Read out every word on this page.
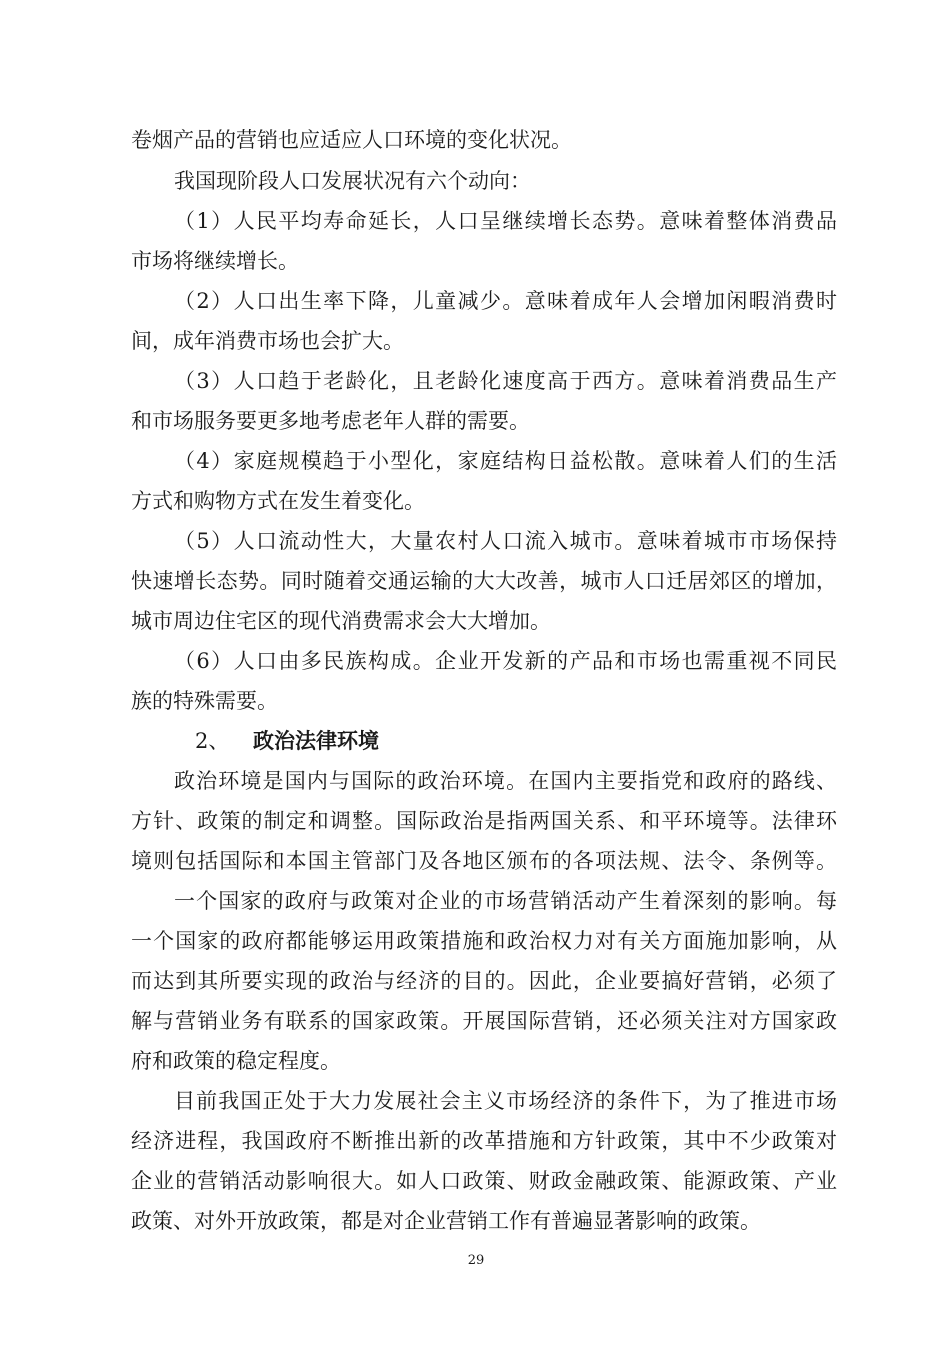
卷烟产品的营销也应适应人口环境的变化状况。
我国现阶段人口发展状况有六个动向：
（1）人民平均寿命延长，人口呈继续增长态势。意味着整体消费品
市场将继续增长。
（2）人口出生率下降，儿童减少。意味着成年人会增加闲暇消费时
间，成年消费市场也会扩大。
（3）人口趋于老龄化，且老龄化速度高于西方。意味着消费品生产
和市场服务要更多地考虑老年人群的需要。
（4）家庭规模趋于小型化，家庭结构日益松散。意味着人们的生活
方式和购物方式在发生着变化。
（5）人口流动性大，大量农村人口流入城市。意味着城市市场保持
快速增长态势。同时随着交通运输的大大改善，城市人口迁居郊区的增加，
城市周边住宅区的现代消费需求会大大增加。
（6）人口由多民族构成。企业开发新的产品和市场也需重视不同民
族的特殊需要。
2、 政治法律环境
政治环境是国内与国际的政治环境。在国内主要指党和政府的路线、
方针、政策的制定和调整。国际政治是指两国关系、和平环境等。法律环
境则包括国际和本国主管部门及各地区颁布的各项法规、法令、条例等。
一个国家的政府与政策对企业的市场营销活动产生着深刻的影响。每
一个国家的政府都能够运用政策措施和政治权力对有关方面施加影响，从
而达到其所要实现的政治与经济的目的。因此，企业要搞好营销，必须了
解与营销业务有联系的国家政策。开展国际营销，还必须关注对方国家政
府和政策的稳定程度。
目前我国正处于大力发展社会主义市场经济的条件下，为了推进市场
经济进程，我国政府不断推出新的改革措施和方针政策，其中不少政策对
企业的营销活动影响很大。如人口政策、财政金融政策、能源政策、产业
政策、对外开放政策，都是对企业营销工作有普遍显著影响的政策。
29
